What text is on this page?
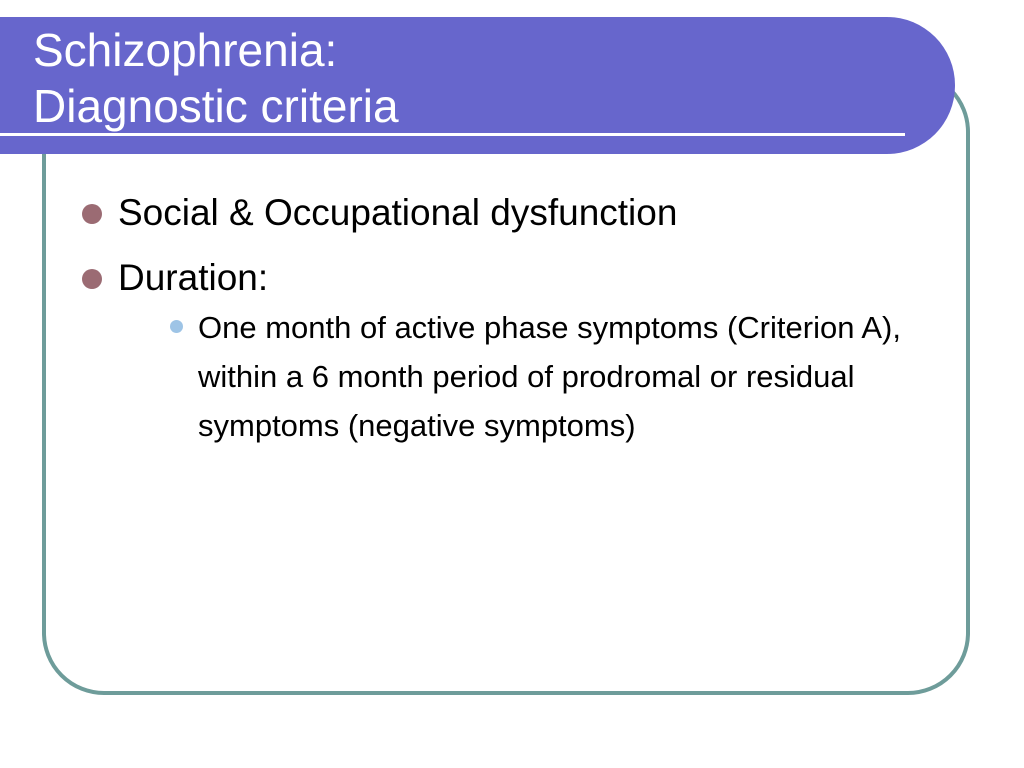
Schizophrenia:
Diagnostic criteria
Social & Occupational dysfunction
Duration:
One month of active phase symptoms (Criterion A), within a 6 month period of prodromal or residual symptoms (negative symptoms)
